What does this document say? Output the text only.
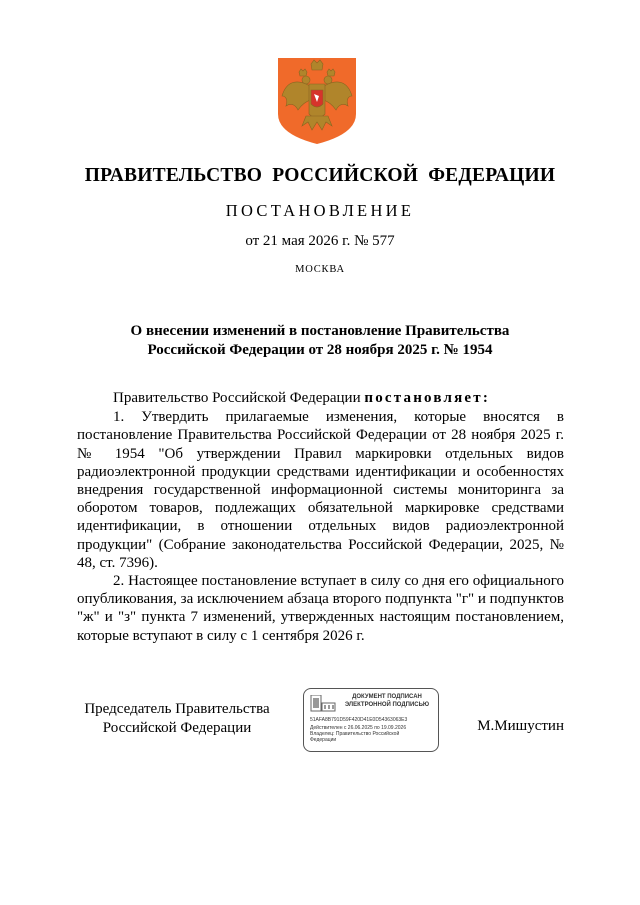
ПРАВИТЕЛЬСТВО  РОССИЙСКОЙ  ФЕДЕРАЦИИ
ПОСТАНОВЛЕНИЕ
от 21 мая 2026 г. № 577
МОСКВА
О внесении изменений в постановление Правительства
Российской Федерации от 28 ноября 2025 г. № 1954

Правительство Российской Федерации постановляет:

1. Утвердить прилагаемые изменения, которые вносятся в постановление Правительства Российской Федерации от 28 ноября 2025 г. № 1954 "Об утверждении Правил маркировки отдельных видов радиоэлектронной продукции средствами идентификации и особенностях внедрения государственной информационной системы мониторинга за оборотом товаров, подлежащих обязательной маркировке средствами идентификации, в отношении отдельных видов радиоэлектронной продукции" (Собрание законодательства Российской Федерации, 2025, № 48, ст. 7396).

2. Настоящее постановление вступает в силу со дня его официального опубликования, за исключением абзаца второго подпункта "г" и подпунктов "ж" и "з" пункта 7 изменений, утвержденных настоящим постановлением, которые вступают в силу с 1 сентября 2026 г.

Председатель Правительства
Российской Федерации
ДОКУМЕНТ ПОДПИСАН
ЭЛЕКТРОННОЙ ПОДПИСЬЮ
51AFA8B791D59F420D41E0D54363063E3
Действителен с 26.06.2025 по 19.09.2026
Владелец: Правительство Российской
Федерации
М.Мишустин
